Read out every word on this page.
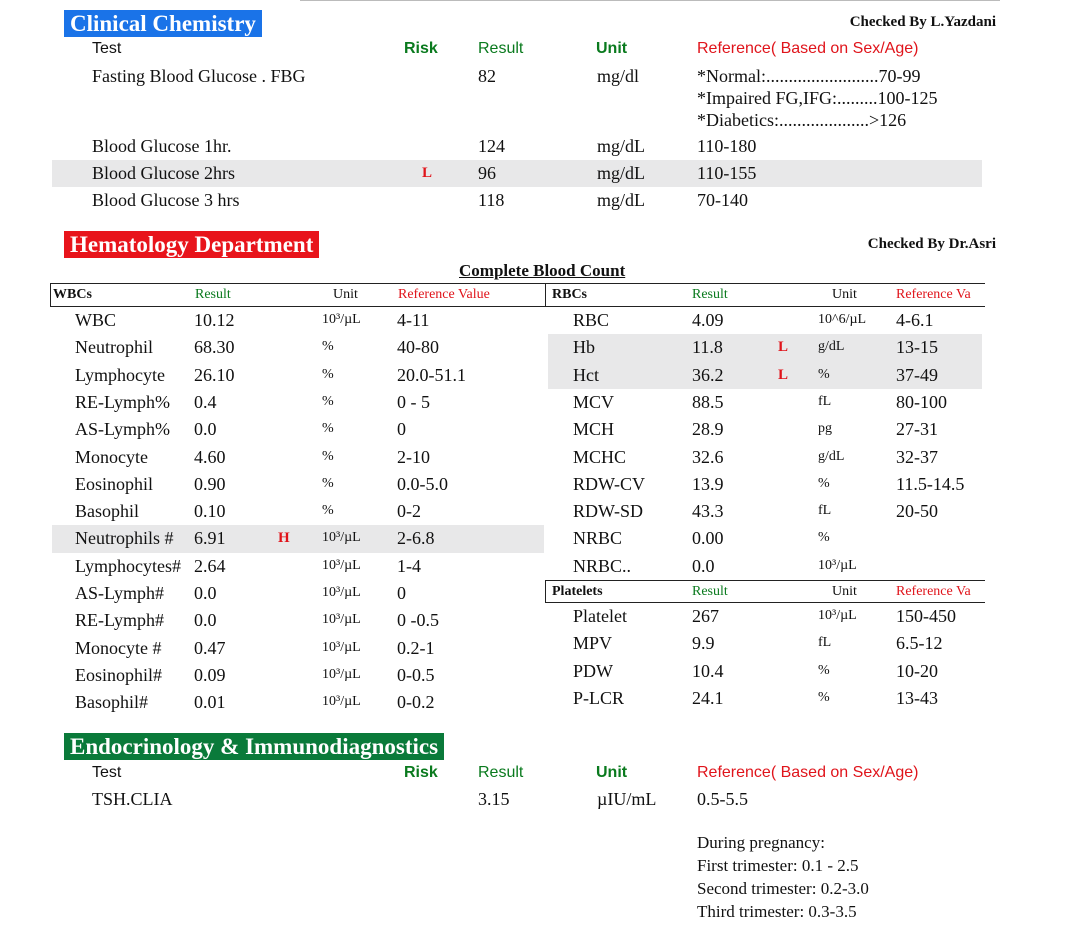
Clinical Chemistry	Checked By L.Yazdani
Test	Risk	Result	Unit	Reference( Based on Sex/Age)
Fasting Blood Glucose . FBG	82	mg/dl	*Normal:.........................70-99
*Impaired FG,IFG:.........100-125
*Diabetics:....................>126
Blood Glucose 1hr.	124	mg/dL	110-180
Blood Glucose 2hrs	L	96	mg/dL	110-155
Blood Glucose 3 hrs	118	mg/dL	70-140
Hematology Department	Checked By Dr.Asri
Complete Blood Count
WBCs	Result	Unit	Reference Value	RBCs	Result	Unit	Reference Va
Platelets	Result	Unit	Reference Va
WBC	10.12	10³/µL 4-11
Neutrophil 68.30	%	40-80
Lymphocyte 26.10	%	20.0-51.1
RE-Lymph% 0.4	%	0 - 5
AS-Lymph% 0.0	%	0
Monocyte	4.60	%	2-10
Eosinophil 0.90	%	0.0-5.0
Basophil	0.10	%	0-2
Neutrophils # 6.91	H 10³/µL 2-6.8
Lymphocytes# 2.64	10³/µL 1-4
AS-Lymph# 0.0	10³/µL 0
RE-Lymph# 0.0	10³/µL 0 -0.5
Monocyte # 0.47	10³/µL 0.2-1
Eosinophil# 0.09	10³/µL 0-0.5
Basophil#	0.01	10³/µL 0-0.2
RBC	4.09	10^6/µL 4-6.1
Hb	11.8	L g/dL	13-15
Hct	36.2	L %	37-49
MCV	88.5	fL	80-100
MCH	28.9	pg	27-31
MCHC	32.6	g/dL	32-37
RDW-CV	13.9	%	11.5-14.5
RDW-SD	43.3	fL	20-50
NRBC	0.00	%
NRBC..	0.0	10³/µL
Platelet	267	10³/µL 150-450
MPV	9.9	fL	6.5-12
PDW	10.4	%	10-20
P-LCR	24.1	%	13-43
Endocrinology & Immunodiagnostics
Test	Risk	Result	Unit	Reference( Based on Sex/Age)
TSH.CLIA	3.15	µIU/mL 0.5-5.5
During pregnancy:
First trimester: 0.1 - 2.5
Second trimester: 0.2-3.0
Third trimester: 0.3-3.5
